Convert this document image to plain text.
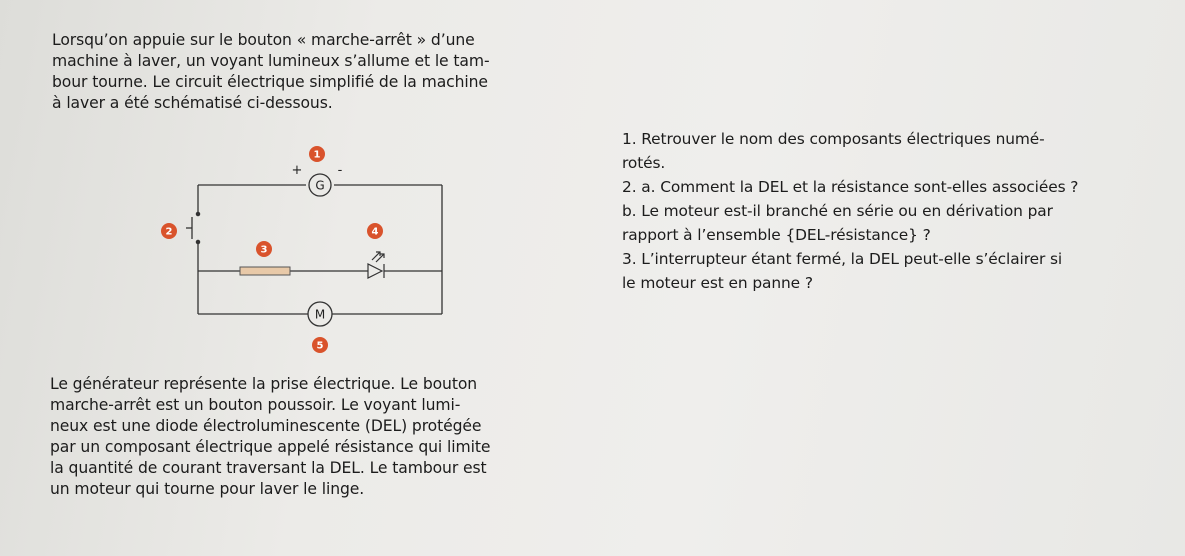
Lorsqu’on appuie sur le bouton « marche-arrêt » d’une
machine à laver, un voyant lumineux s’allume et le tam-
bour tourne. Le circuit électrique simplifié de la machine
à laver a été schématisé ci-dessous.
G
+	-
M
1
2
3
4
5
1. Retrouver le nom des composants électriques numé-
rotés.
2. a. Comment la DEL et la résistance sont-elles associées ?
b. Le moteur est-il branché en série ou en dérivation par
rapport à l’ensemble {DEL-résistance} ?
3. L’interrupteur étant fermé, la DEL peut-elle s’éclairer si
le moteur est en panne ?
Le générateur représente la prise électrique. Le bouton
marche-arrêt est un bouton poussoir. Le voyant lumi-
neux est une diode électroluminescente (DEL) protégée
par un composant électrique appelé résistance qui limite
la quantité de courant traversant la DEL. Le tambour est
un moteur qui tourne pour laver le linge.
